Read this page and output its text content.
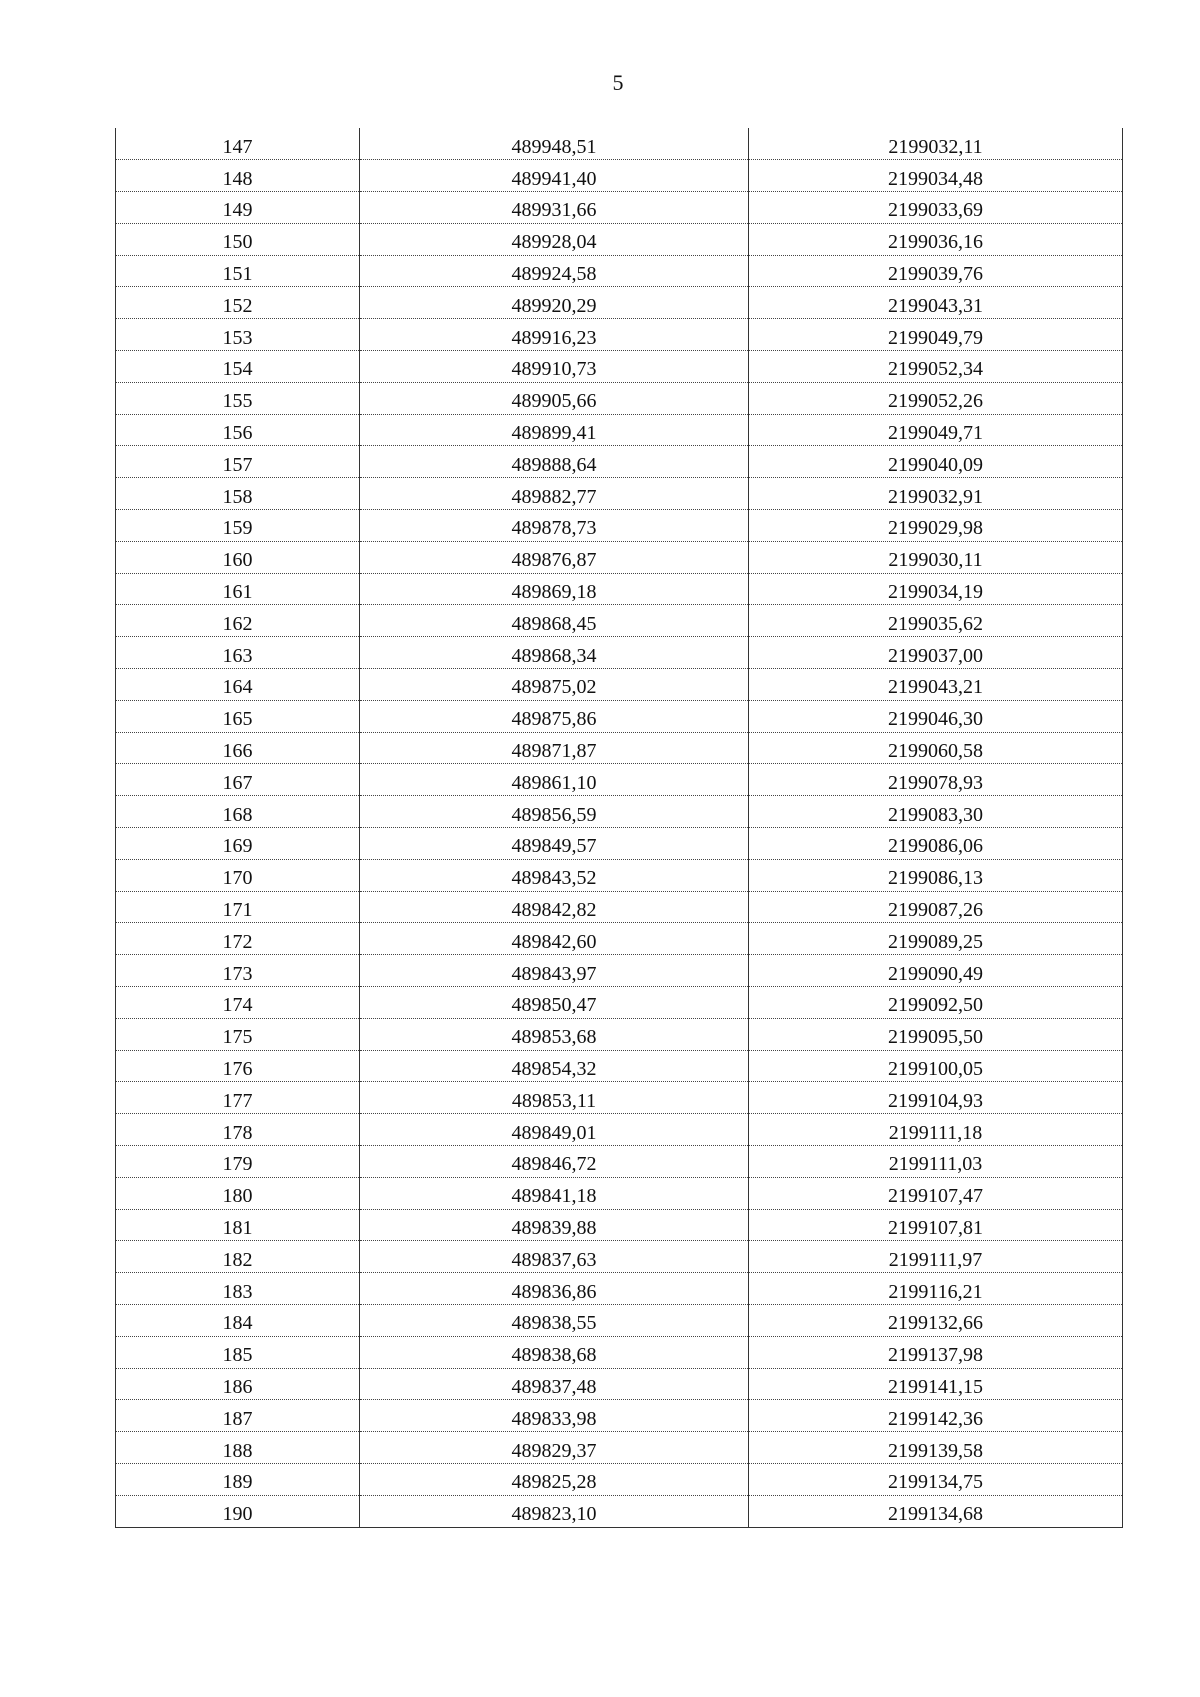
5
147	489948,51	2199032,11
148	489941,40	2199034,48
149	489931,66	2199033,69
150	489928,04	2199036,16
151	489924,58	2199039,76
152	489920,29	2199043,31
153	489916,23	2199049,79
154	489910,73	2199052,34
155	489905,66	2199052,26
156	489899,41	2199049,71
157	489888,64	2199040,09
158	489882,77	2199032,91
159	489878,73	2199029,98
160	489876,87	2199030,11
161	489869,18	2199034,19
162	489868,45	2199035,62
163	489868,34	2199037,00
164	489875,02	2199043,21
165	489875,86	2199046,30
166	489871,87	2199060,58
167	489861,10	2199078,93
168	489856,59	2199083,30
169	489849,57	2199086,06
170	489843,52	2199086,13
171	489842,82	2199087,26
172	489842,60	2199089,25
173	489843,97	2199090,49
174	489850,47	2199092,50
175	489853,68	2199095,50
176	489854,32	2199100,05
177	489853,11	2199104,93
178	489849,01	2199111,18
179	489846,72	2199111,03
180	489841,18	2199107,47
181	489839,88	2199107,81
182	489837,63	2199111,97
183	489836,86	2199116,21
184	489838,55	2199132,66
185	489838,68	2199137,98
186	489837,48	2199141,15
187	489833,98	2199142,36
188	489829,37	2199139,58
189	489825,28	2199134,75
190	489823,10	2199134,68
